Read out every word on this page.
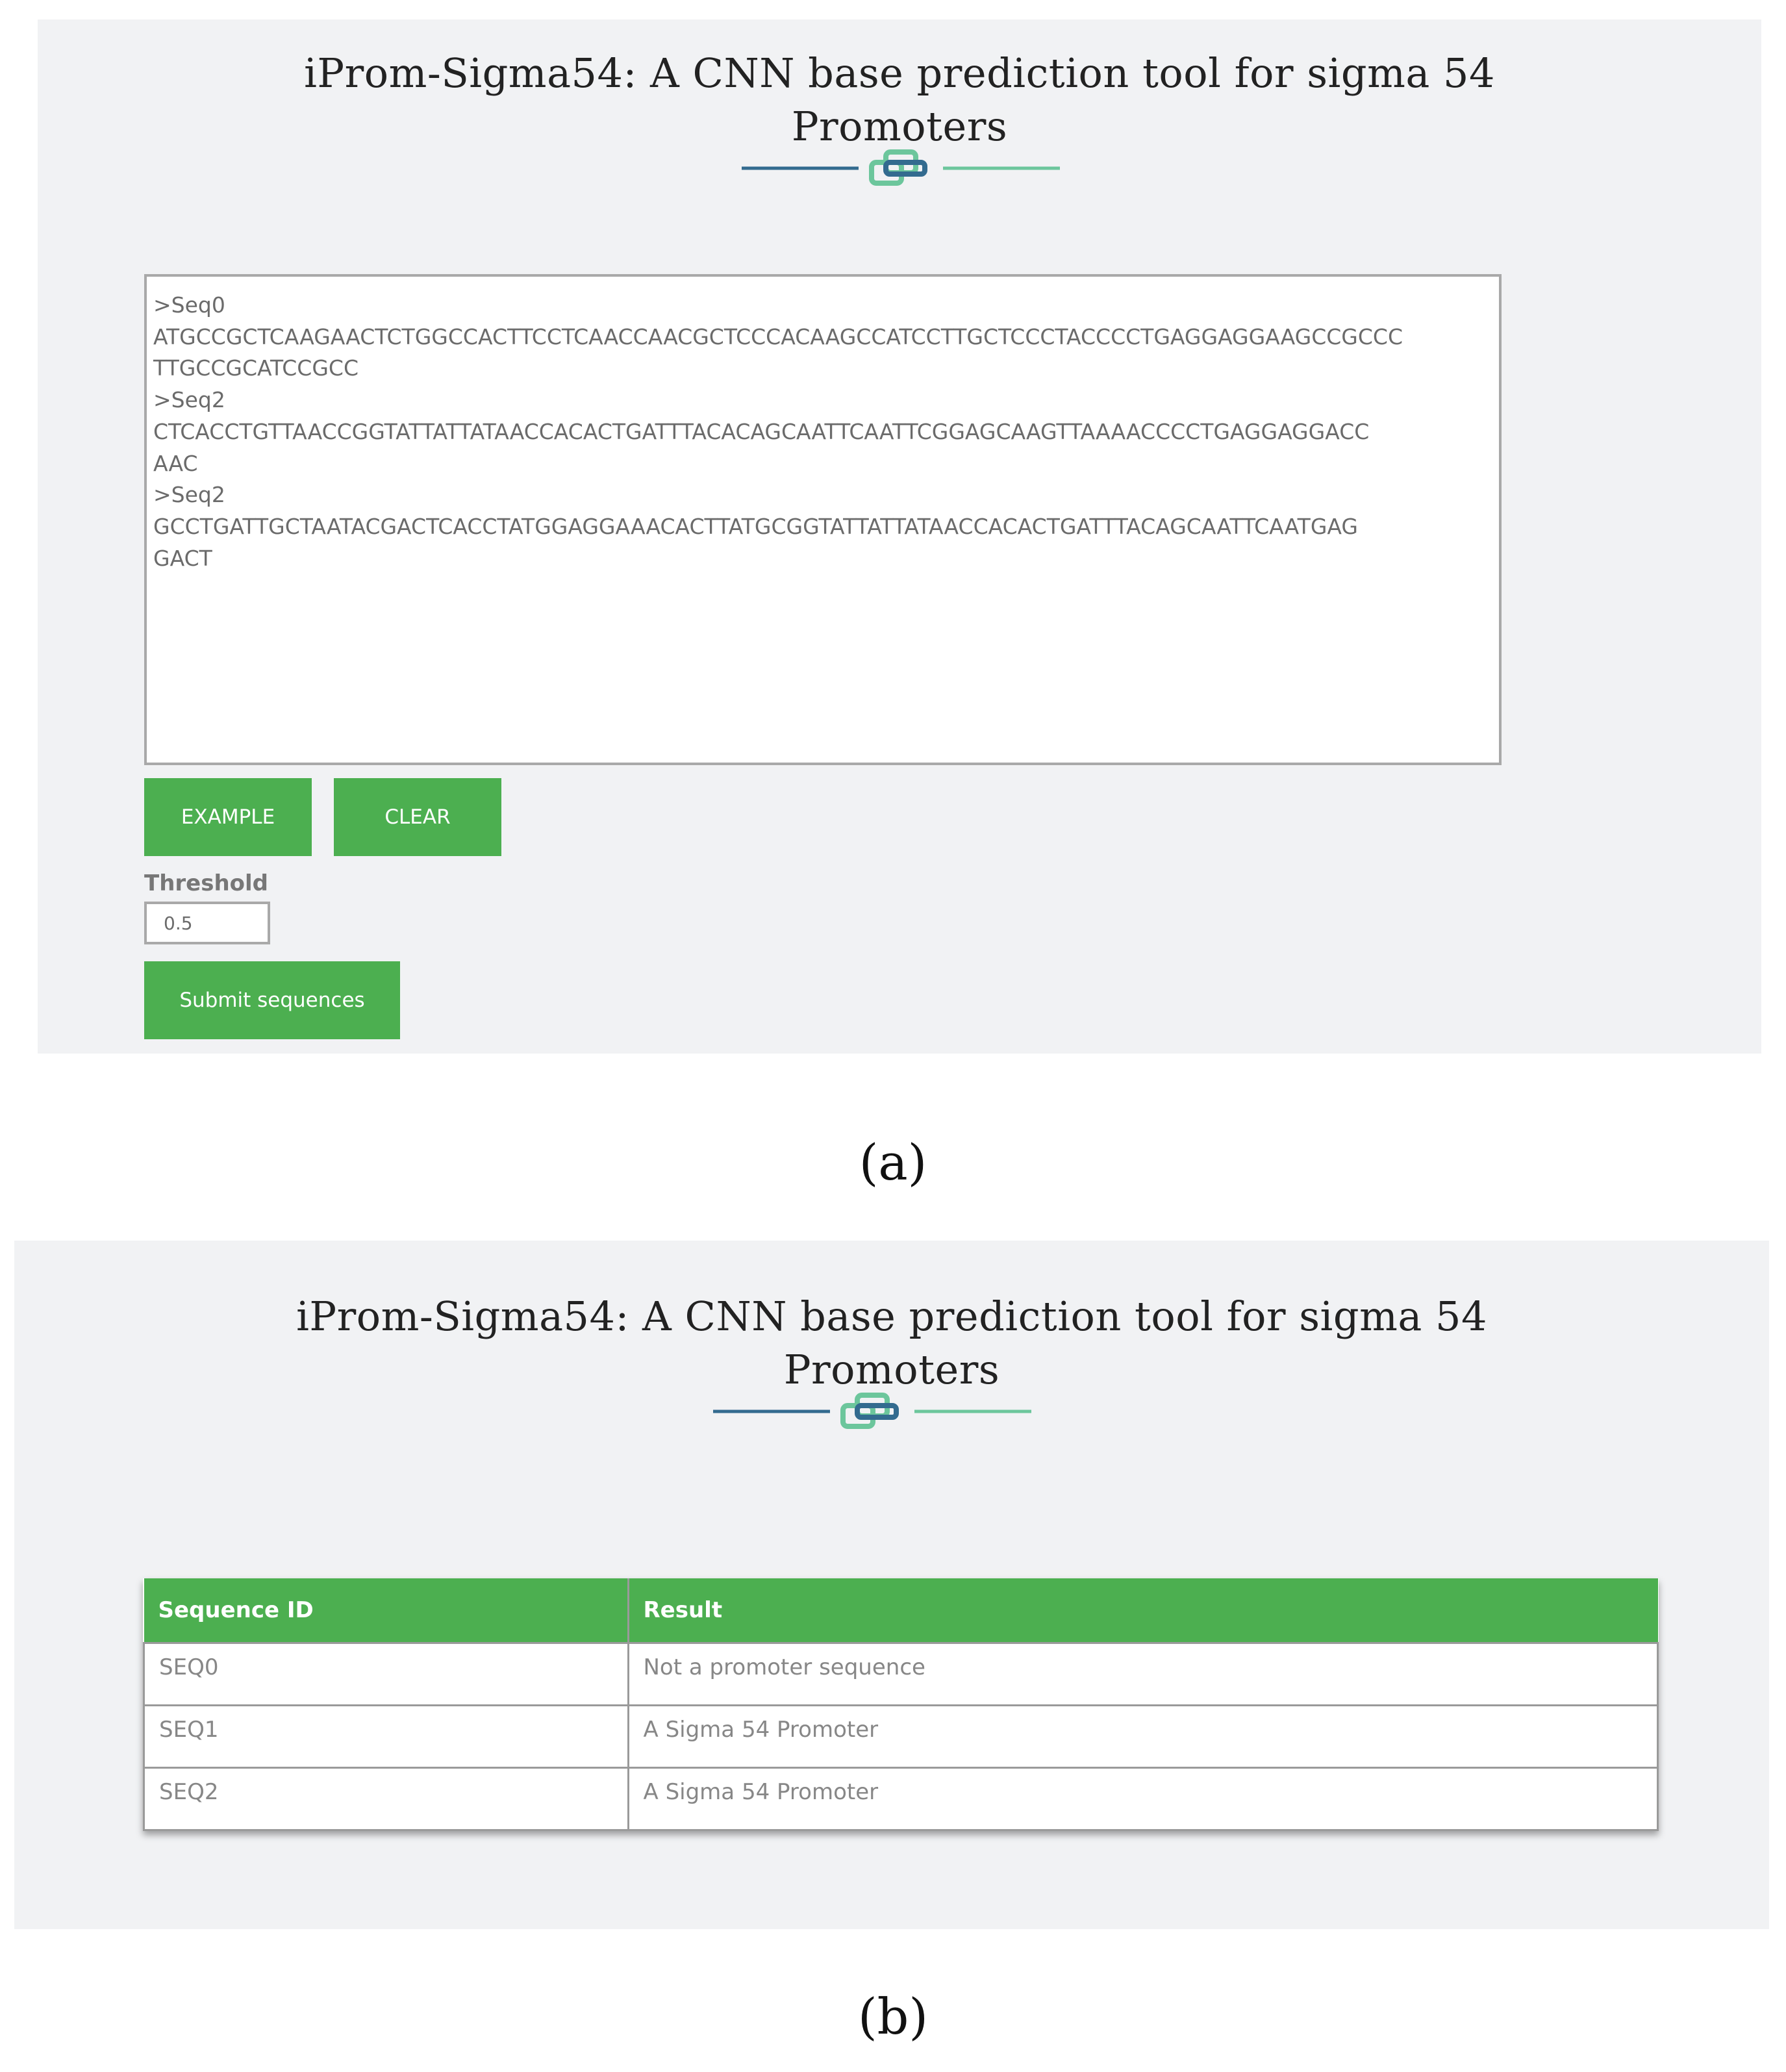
iProm-Sigma54: A CNN base prediction tool for sigma 54
Promoters
>Seq0 ATGCCGCTCAAGAACTCTGGCCACTTCCTCAACCAACGCTCCCACAAGCCATCCTTGCTCCCTACCCCTGAGGAGGAAGCCGCCC TTGCCGCATCCGCC >Seq2 CTCACCTGTTAACCGGTATTATTATAACCACACTGATTTACACAGCAATTCAATTCGGAGCAAGTTAAAACCCCTGAGGAGGACC AAC >Seq2 GCCTGATTGCTAATACGACTCACCTATGGAGGAAACACTTATGCGGTATTATTATAACCACACTGATTTACAGCAATTCAATGAG GACT
EXAMPLE	CLEAR
Threshold
0.5
Submit sequences
(a)
iProm-Sigma54: A CNN base prediction tool for sigma 54
Promoters
Sequence ID	Result
SEQ0	Not a promoter sequence
SEQ1	A Sigma 54 Promoter
SEQ2	A Sigma 54 Promoter
(b)
